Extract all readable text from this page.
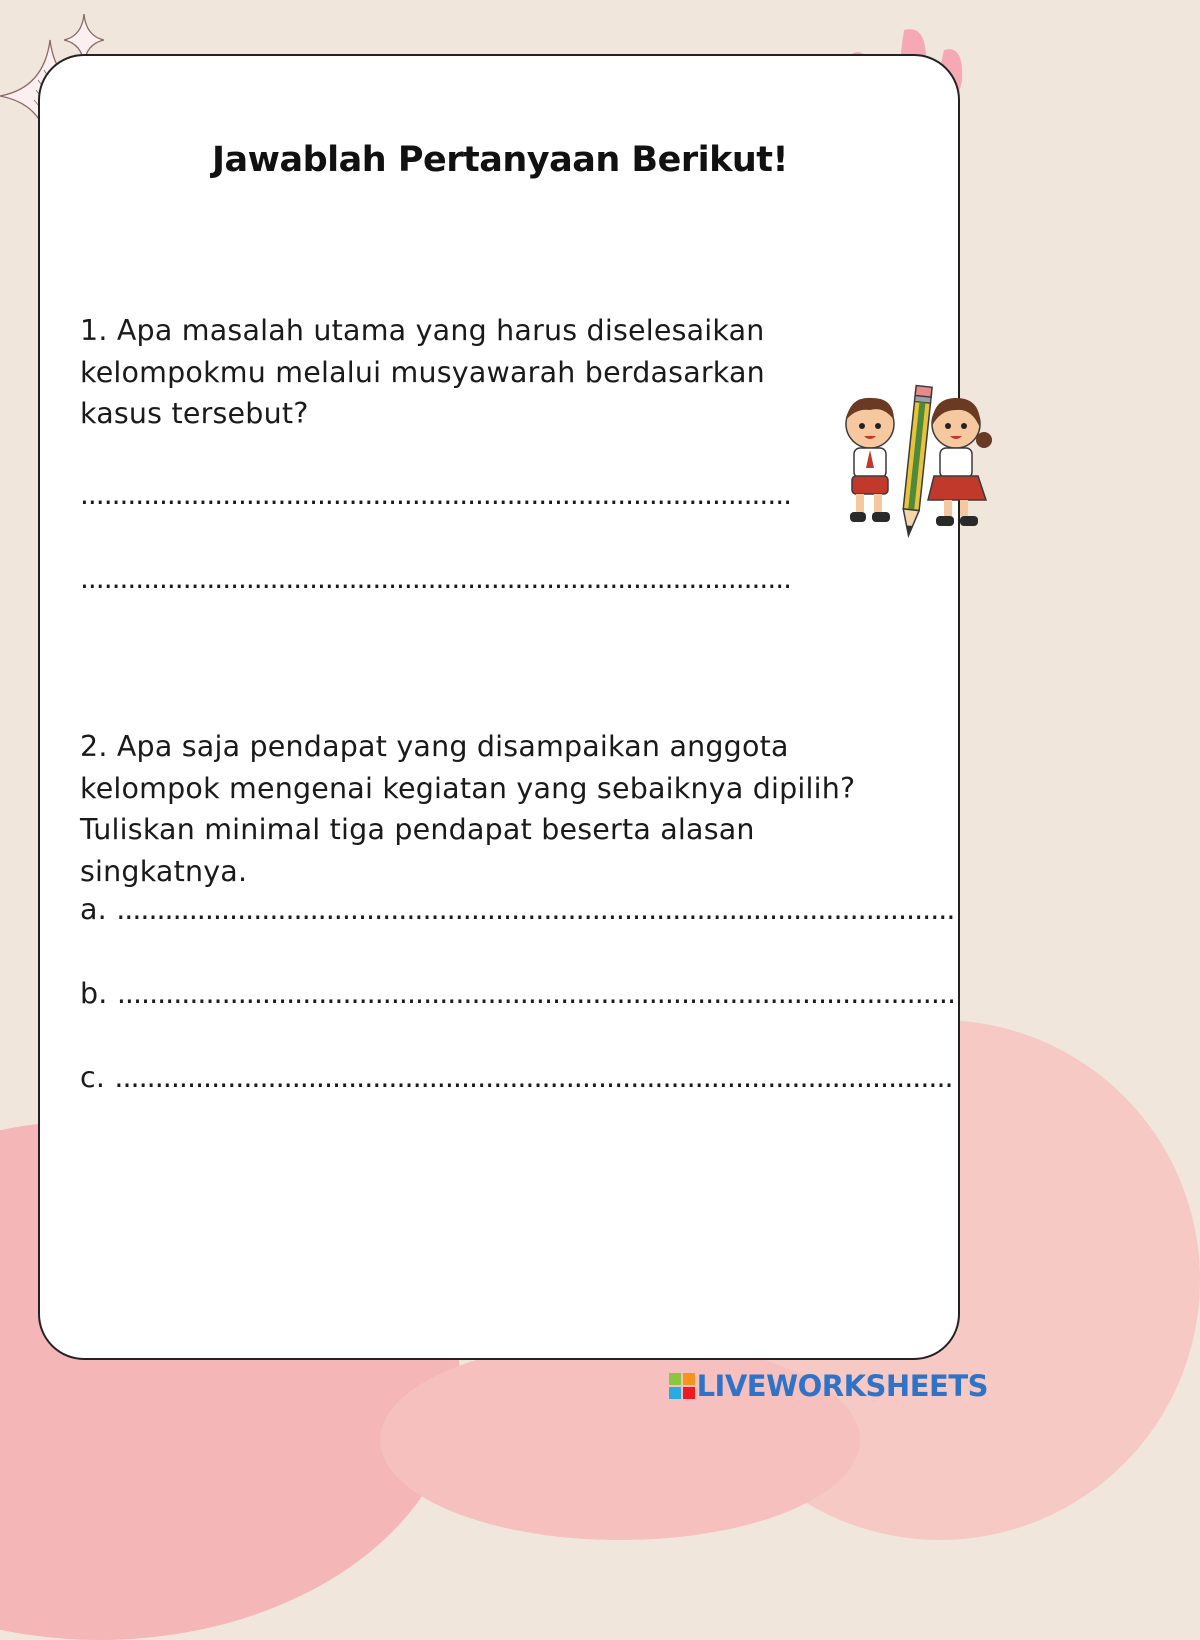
Jawablah Pertanyaan Berikut!

1. Apa masalah utama yang harus diselesaikan kelompokmu melalui musyawarah berdasarkan kasus tersebut?

..........................................................................................
..........................................................................................

2. Apa saja pendapat yang disampaikan anggota kelompok mengenai kegiatan yang sebaiknya dipilih? Tuliskan minimal tiga pendapat beserta alasan singkatnya.

a. ........................................................................................................
b. ........................................................................................................
c. ........................................................................................................
LIVEWORKSHEETS
